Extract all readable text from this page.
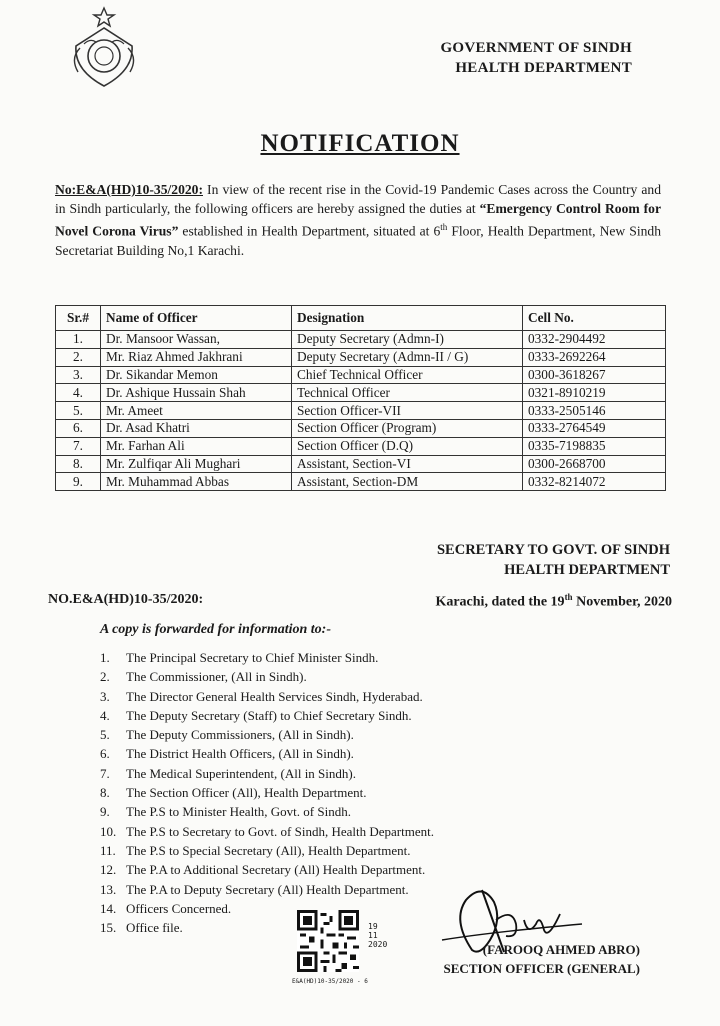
GOVERNMENT OF SINDH
HEALTH DEPARTMENT
NOTIFICATION
No:E&A(HD)10-35/2020: In view of the recent rise in the Covid-19 Pandemic Cases across the Country and in Sindh particularly, the following officers are hereby assigned the duties at “Emergency Control Room for Novel Corona Virus” established in Health Department, situated at 6th Floor, Health Department, New Sindh Secretariat Building No,1 Karachi.
Sr.#	Name of Officer	Designation	Cell No.
1.	Dr. Mansoor Wassan,	Deputy Secretary (Admn-I)	0332-2904492
2.	Mr. Riaz Ahmed Jakhrani	Deputy Secretary (Admn-II / G)	0333-2692264
3.	Dr. Sikandar Memon	Chief Technical Officer	0300-3618267
4.	Dr. Ashique Hussain Shah	Technical Officer	0321-8910219
5.	Mr. Ameet	Section Officer-VII	0333-2505146
6.	Dr. Asad Khatri	Section Officer (Program)	0333-2764549
7.	Mr. Farhan Ali	Section Officer (D.Q)	0335-7198835
8.	Mr. Zulfiqar Ali Mughari	Assistant, Section-VI	0300-2668700
9.	Mr. Muhammad Abbas	Assistant, Section-DM	0332-8214072
SECRETARY TO GOVT. OF SINDH
HEALTH DEPARTMENT
NO.E&A(HD)10-35/2020:	Karachi, dated the 19th November, 2020
A copy is forwarded for information to:-
1. The Principal Secretary to Chief Minister Sindh.
2. The Commissioner, (All in Sindh).
3. The Director General Health Services Sindh, Hyderabad.
4. The Deputy Secretary (Staff) to Chief Secretary Sindh.
5. The Deputy Commissioners, (All in Sindh).
6. The District Health Officers, (All in Sindh).
7. The Medical Superintendent, (All in Sindh).
8. The Section Officer (All), Health Department.
9. The P.S to Minister Health, Govt. of Sindh.
10. The P.S to Secretary to Govt. of Sindh, Health Department.
11. The P.S to Special Secretary (All), Health Department.
12. The P.A to Additional Secretary (All) Health Department.
13. The P.A to Deputy Secretary (All) Health Department.
14. Officers Concerned.
15. Office file.	19
11
2020
E&A(HD)10-35/2020 - 6
(FAROOQ AHMED ABRO)
SECTION OFFICER (GENERAL)
